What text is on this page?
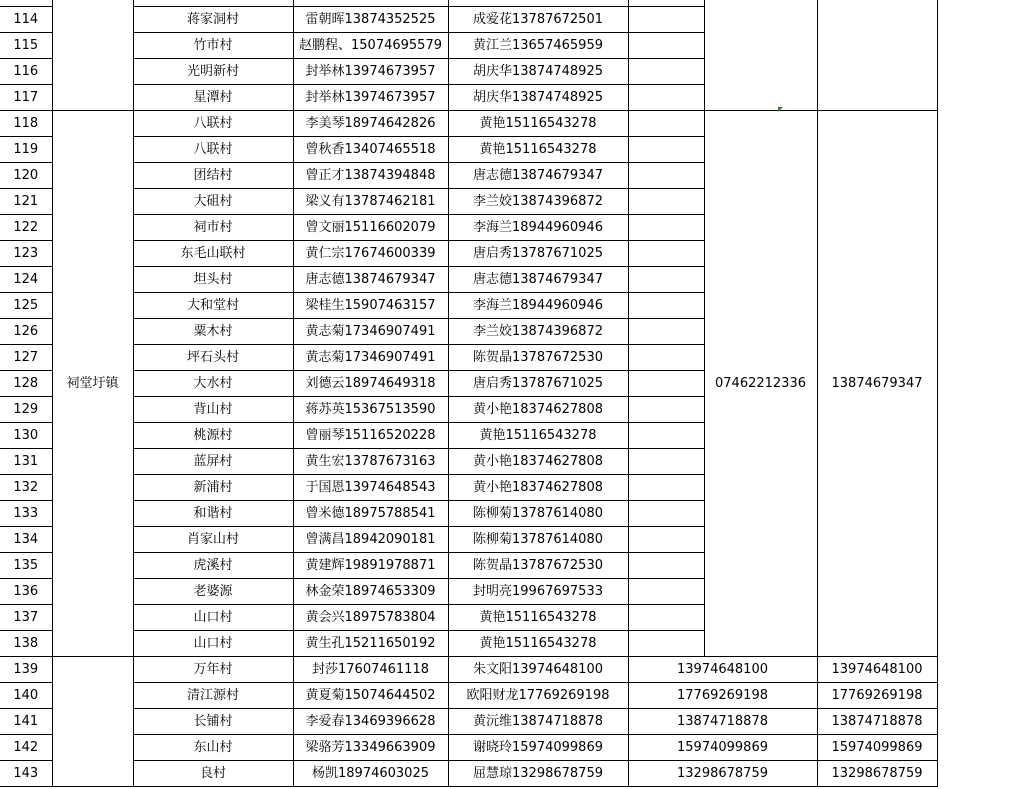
114		蒋家洞村	雷朝晖13874352525	成爱花13787672501			
115		竹市村	赵鹏程、15074695579	黄江兰13657465959			
116		光明新村	封举林13974673957	胡庆华13874748925			
117		星潭村	封举林13974673957	胡庆华13874748925			
118	祠堂圩镇	八联村	李美琴18974642826	黄艳15116543278		07462212336	13874679347
119		八联村	曾秋香13407465518	黄艳15116543278			
120		团结村	曾正才13874394848	唐志德13874679347			
121		大砠村	梁义有13787462181	李兰姣13874396872			
122		祠市村	曾文丽15116602079	李海兰18944960946			
123		东毛山联村	黄仁宗17674600339	唐启秀13787671025			
124		坦头村	唐志德13874679347	唐志德13874679347			
125		大和堂村	梁桂生15907463157	李海兰18944960946			
126		粟木村	黄志菊17346907491	李兰姣13874396872			
127		坪石头村	黄志菊17346907491	陈贺晶13787672530			
128		大水村	刘德云18974649318	唐启秀13787671025			
129		背山村	蒋苏英15367513590	黄小艳18374627808			
130		桃源村	曾丽琴15116520228	黄艳15116543278			
131		蓝屏村	黄生宏13787673163	黄小艳18374627808			
132		新浦村	于国恩13974648543	黄小艳18374627808			
133		和谐村	曾米德18975788541	陈柳菊13787614080			
134		肖家山村	曾满昌18942090181	陈柳菊13787614080			
135		虎溪村	黄建辉19891978871	陈贺晶13787672530			
136		老婆源	林金荣18974653309	封明亮19967697533			
137		山口村	黄会兴18975783804	黄艳15116543278			
138		山口村	黄生孔15211650192	黄艳15116543278			
139		万年村	封莎17607461118	朱文阳13974648100	13974648100		13974648100
140		清江源村	黄夏菊15074644502	欧阳财龙17769269198	17769269198		17769269198
141		长铺村	李爱春13469396628	黄沅维13874718878	13874718878		13874718878
142		东山村	梁骆芳13349663909	谢晓玲15974099869	15974099869		15974099869
143		良村	杨凯18974603025	屈慧琼13298678759	13298678759		13298678759
